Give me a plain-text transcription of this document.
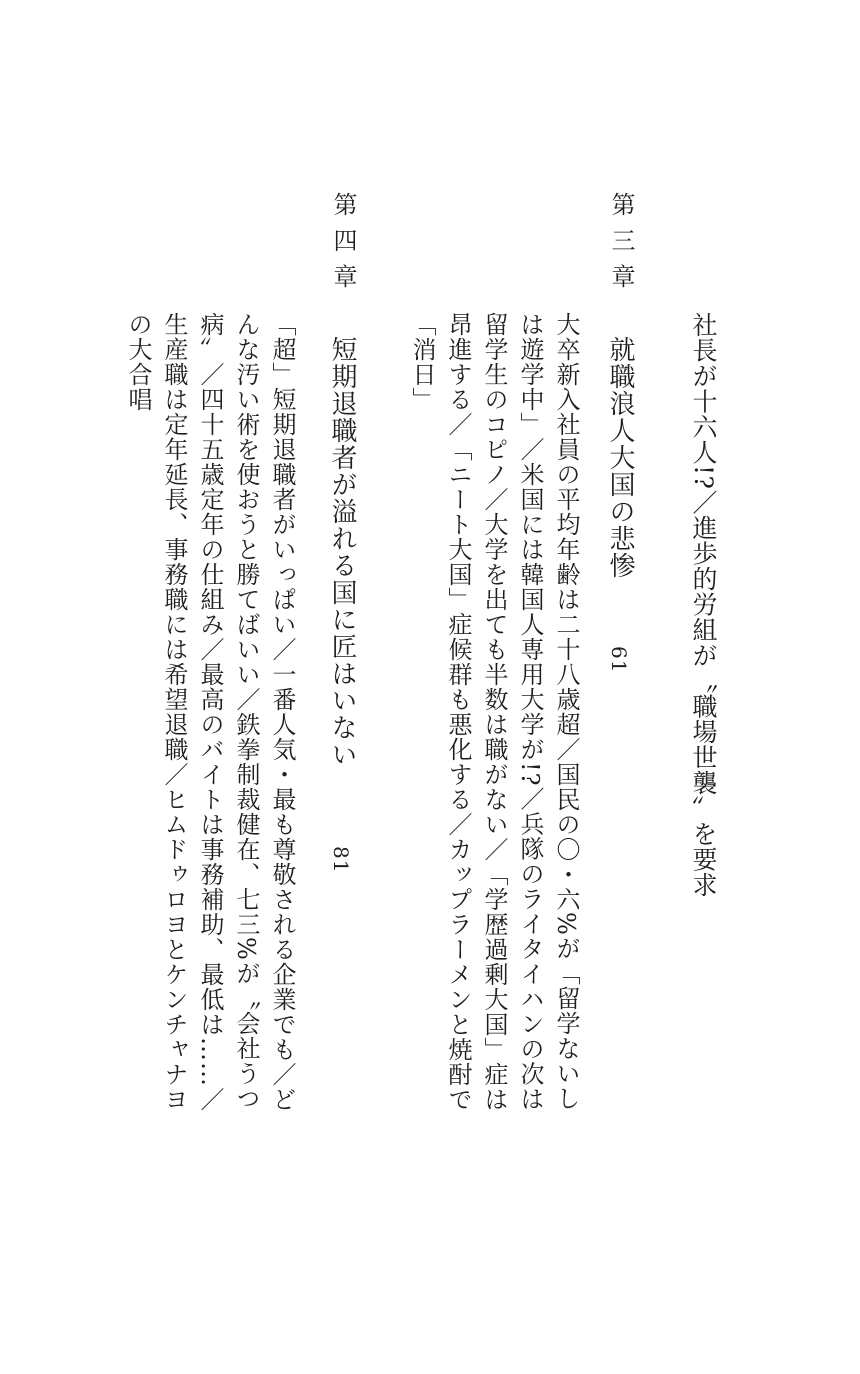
社長が十六人!?／進歩的労組が〝職場世襲〟を要求
第三章
就職浪人大国の悲惨
61
大卒新入社員の平均年齢は二十八歳超／国民の〇・六%が「留学ないしは遊学中」／米国には韓国人専用大学が!?／兵隊のライタイハンの次は留学生のコピノ／大学を出ても半数は職がない／「学歴過剰大国」症は昂進する／「ニート大国」症候群も悪化する／カップラーメンと焼酎で「消日」
第四章
短期退職者が溢れる国に匠はいない
81
「超」短期退職者がいっぱい／一番人気・最も尊敬される企業でも／どんな汚い術を使おうと勝てばいい／鉄拳制裁健在、七三%が〝会社うつ病〟／四十五歳定年の仕組み／最高のバイトは事務補助、最低は……／生産職は定年延長、事務職には希望退職／ヒムドゥロヨとケンチャナヨの大合唱
